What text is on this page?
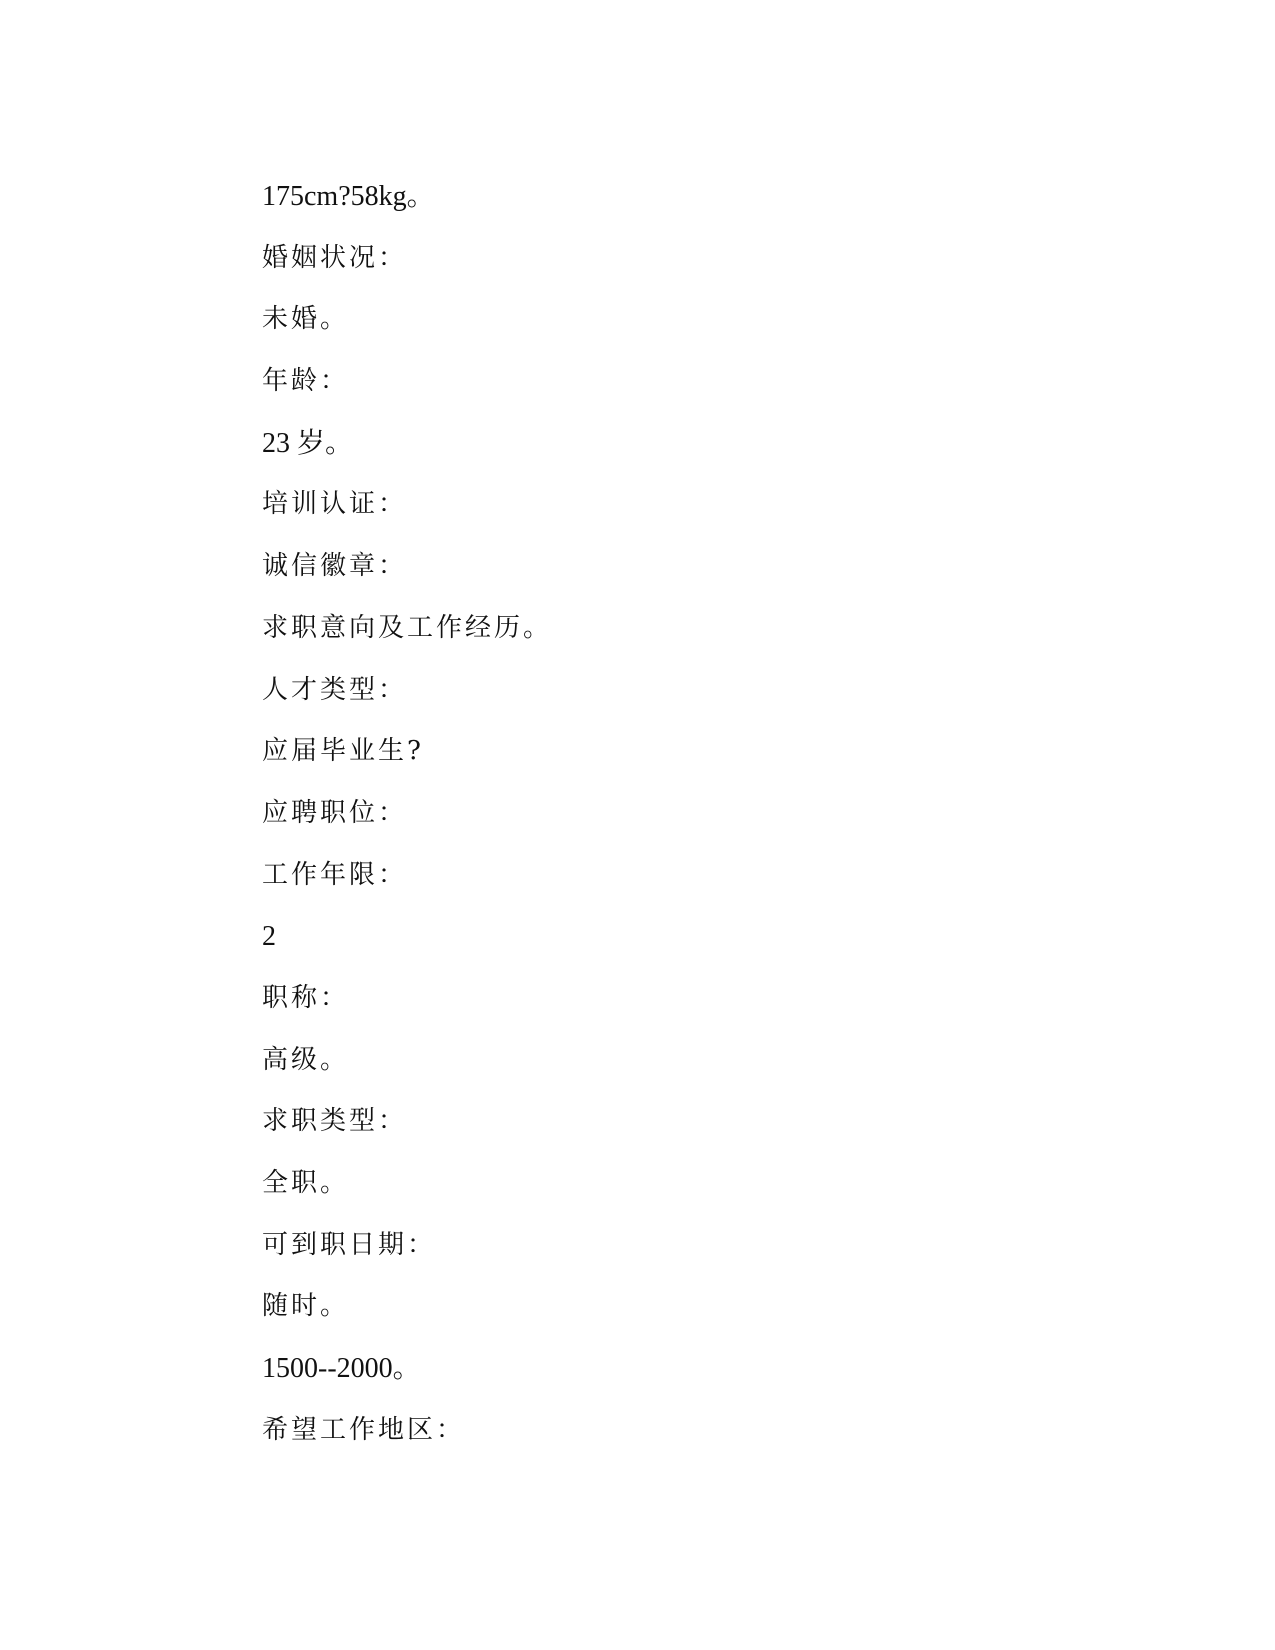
175cm?58kg。
婚姻状况：
未婚。
年龄：
23 岁。
培训认证：
诚信徽章：
求职意向及工作经历。
人才类型：
应届毕业生?
应聘职位：
工作年限：
2
职称：
高级。
求职类型：
全职。
可到职日期：
随时。
1500--2000。
希望工作地区：
